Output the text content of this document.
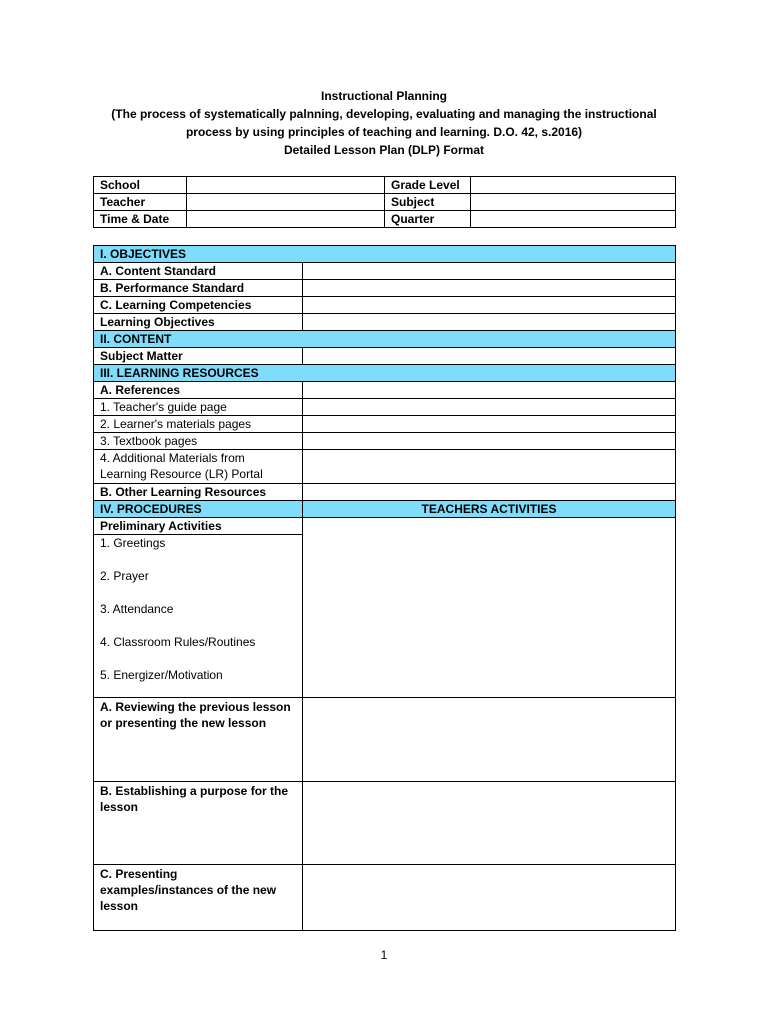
Instructional Planning
(The process of systematically palnning, developing, evaluating and managing the instructional
process by using principles of teaching and learning. D.O. 42, s.2016)
Detailed Lesson Plan (DLP) Format
School		Grade Level	
Teacher		Subject	
Time & Date		Quarter	
I. OBJECTIVES	
A. Content Standard	
B. Performance Standard	
C. Learning Competencies	
Learning Objectives	
II. CONTENT	
Subject Matter	
III. LEARNING RESOURCES	
A. References	
1. Teacher's guide page	
2. Learner's materials pages	
3. Textbook pages	

4. Additional Materials from
Learning Resource (LR) Portal	

B. Other Learning Resources	
IV. PROCEDURES	TEACHERS ACTIVITIES
Preliminary Activities	

1. Greetings
2. Prayer
3. Attendance
4. Classroom Rules/Routines
5. Energizer/Motivation	

A. Reviewing the previous lesson
or presenting the new lesson	

B. Establishing a purpose for the
lesson	

C. Presenting
examples/instances of the new
lesson	

1
